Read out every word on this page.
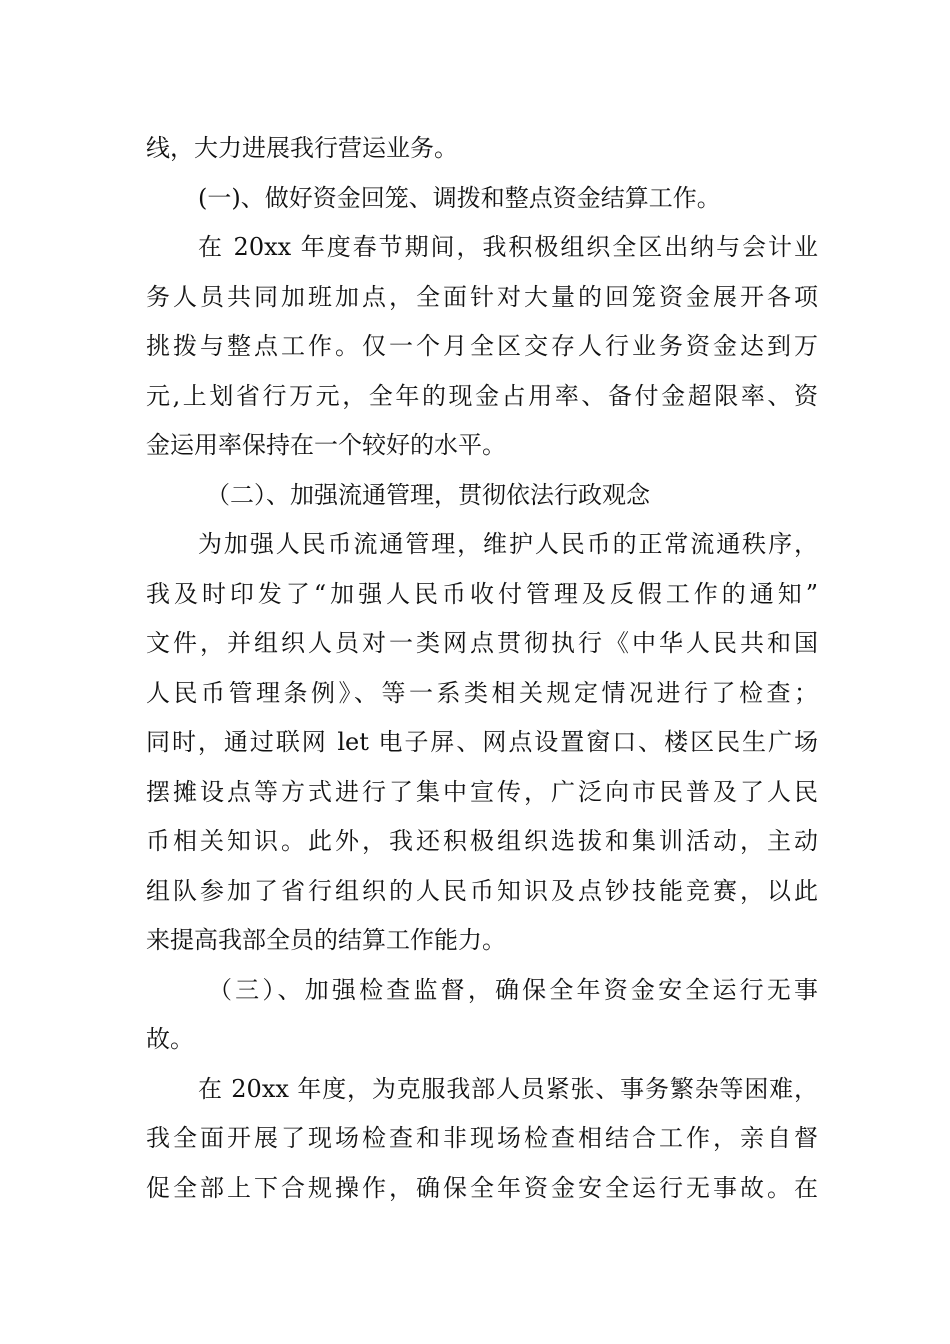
线，大力进展我行营运业务。
(一)、做好资金回笼、调拨和整点资金结算工作。
在 20xx 年度春节期间，我积极组织全区出纳与会计业
务人员共同加班加点，全面针对大量的回笼资金展开各项
挑拨与整点工作。仅一个月全区交存人行业务资金达到万
元,上划省行万元，全年的现金占用率、备付金超限率、资
金运用率保持在一个较好的水平。
（二）、加强流通管理，贯彻依法行政观念
为加强人民币流通管理，维护人民币的正常流通秩序，
我及时印发了“加强人民币收付管理及反假工作的通知”
文件，并组织人员对一类网点贯彻执行《中华人民共和国
人民币管理条例》、等一系类相关规定情况进行了检查；
同时，通过联网 let 电子屏、网点设置窗口、楼区民生广场
摆摊设点等方式进行了集中宣传，广泛向市民普及了人民
币相关知识。此外，我还积极组织选拔和集训活动，主动
组队参加了省行组织的人民币知识及点钞技能竞赛，以此
来提高我部全员的结算工作能力。
（三）、加强检查监督，确保全年资金安全运行无事
故。
在 20xx 年度，为克服我部人员紧张、事务繁杂等困难，
我全面开展了现场检查和非现场检查相结合工作，亲自督
促全部上下合规操作，确保全年资金安全运行无事故。在
